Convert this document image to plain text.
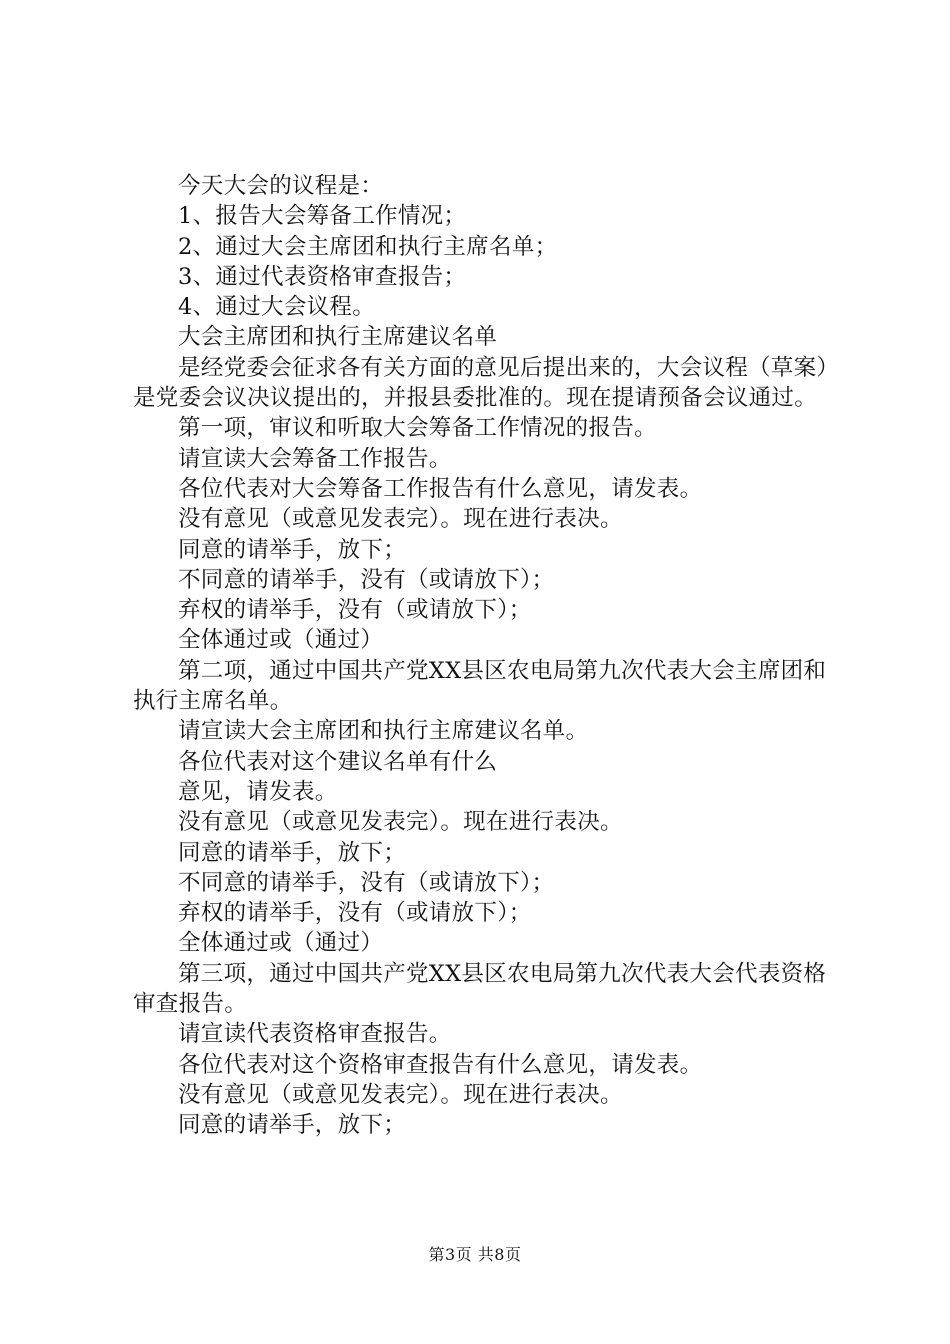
今天大会的议程是：

1、报告大会筹备工作情况；

2、通过大会主席团和执行主席名单；

3、通过代表资格审查报告；

4、通过大会议程。

大会主席团和执行主席建议名单

是经党委会征求各有关方面的意见后提出来的，大会议程（草案）是党委会议决议提出的，并报县委批准的。现在提请预备会议通过。

第一项，审议和听取大会筹备工作情况的报告。

请宣读大会筹备工作报告。

各位代表对大会筹备工作报告有什么意见，请发表。

没有意见（或意见发表完）。现在进行表决。

同意的请举手，放下；

不同意的请举手，没有（或请放下）；

弃权的请举手，没有（或请放下）；

全体通过或（通过）

第二项，通过中国共产党XX县区农电局第九次代表大会主席团和执行主席名单。

请宣读大会主席团和执行主席建议名单。

各位代表对这个建议名单有什么

意见，请发表。

没有意见（或意见发表完）。现在进行表决。

同意的请举手，放下；

不同意的请举手，没有（或请放下）；

弃权的请举手，没有（或请放下）；

全体通过或（通过）

第三项，通过中国共产党XX县区农电局第九次代表大会代表资格审查报告。

请宣读代表资格审查报告。

各位代表对这个资格审查报告有什么意见，请发表。

没有意见（或意见发表完）。现在进行表决。

同意的请举手，放下；

第3页 共8页
